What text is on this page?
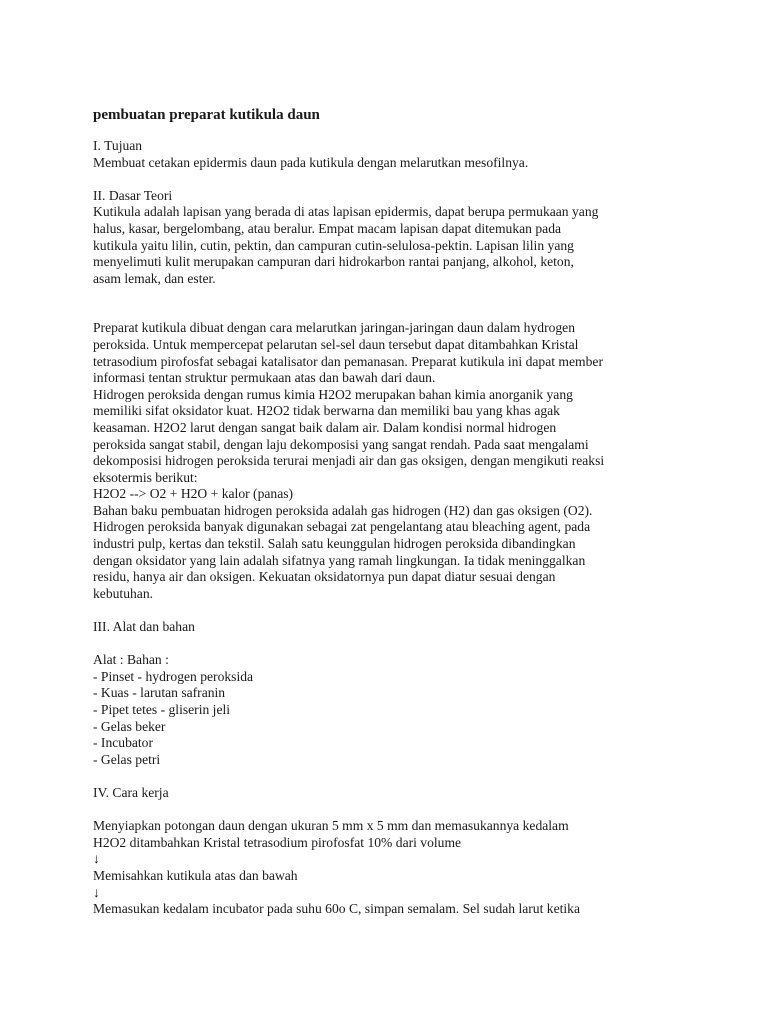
pembuatan preparat kutikula daun
I. Tujuan
Membuat cetakan epidermis daun pada kutikula dengan melarutkan mesofilnya.
II. Dasar Teori
Kutikula adalah lapisan yang berada di atas lapisan epidermis, dapat berupa permukaan yang
halus, kasar, bergelombang, atau beralur. Empat macam lapisan dapat ditemukan pada
kutikula yaitu lilin, cutin, pektin, dan campuran cutin-selulosa-pektin. Lapisan lilin yang
menyelimuti kulit merupakan campuran dari hidrokarbon rantai panjang, alkohol, keton,
asam lemak, dan ester.
Preparat kutikula dibuat dengan cara melarutkan jaringan-jaringan daun dalam hydrogen
peroksida. Untuk mempercepat pelarutan sel-sel daun tersebut dapat ditambahkan Kristal
tetrasodium pirofosfat sebagai katalisator dan pemanasan. Preparat kutikula ini dapat member
informasi tentan struktur permukaan atas dan bawah dari daun.
Hidrogen peroksida dengan rumus kimia H2O2 merupakan bahan kimia anorganik yang
memiliki sifat oksidator kuat. H2O2 tidak berwarna dan memiliki bau yang khas agak
keasaman. H2O2 larut dengan sangat baik dalam air. Dalam kondisi normal hidrogen
peroksida sangat stabil, dengan laju dekomposisi yang sangat rendah. Pada saat mengalami
dekomposisi hidrogen peroksida terurai menjadi air dan gas oksigen, dengan mengikuti reaksi
eksotermis berikut:
H2O2 --> O2 + H2O + kalor (panas)
Bahan baku pembuatan hidrogen peroksida adalah gas hidrogen (H2) dan gas oksigen (O2).
Hidrogen peroksida banyak digunakan sebagai zat pengelantang atau bleaching agent, pada
industri pulp, kertas dan tekstil. Salah satu keunggulan hidrogen peroksida dibandingkan
dengan oksidator yang lain adalah sifatnya yang ramah lingkungan. Ia tidak meninggalkan
residu, hanya air dan oksigen. Kekuatan oksidatornya pun dapat diatur sesuai dengan
kebutuhan.
III. Alat dan bahan
Alat : Bahan :
- Pinset - hydrogen peroksida
- Kuas - larutan safranin
- Pipet tetes - gliserin jeli
- Gelas beker
- Incubator
- Gelas petri
IV. Cara kerja
Menyiapkan potongan daun dengan ukuran 5 mm x 5 mm dan memasukannya kedalam
H2O2 ditambahkan Kristal tetrasodium pirofosfat 10% dari volume
↓
Memisahkan kutikula atas dan bawah
↓
Memasukan kedalam incubator pada suhu 60o C, simpan semalam. Sel sudah larut ketika
